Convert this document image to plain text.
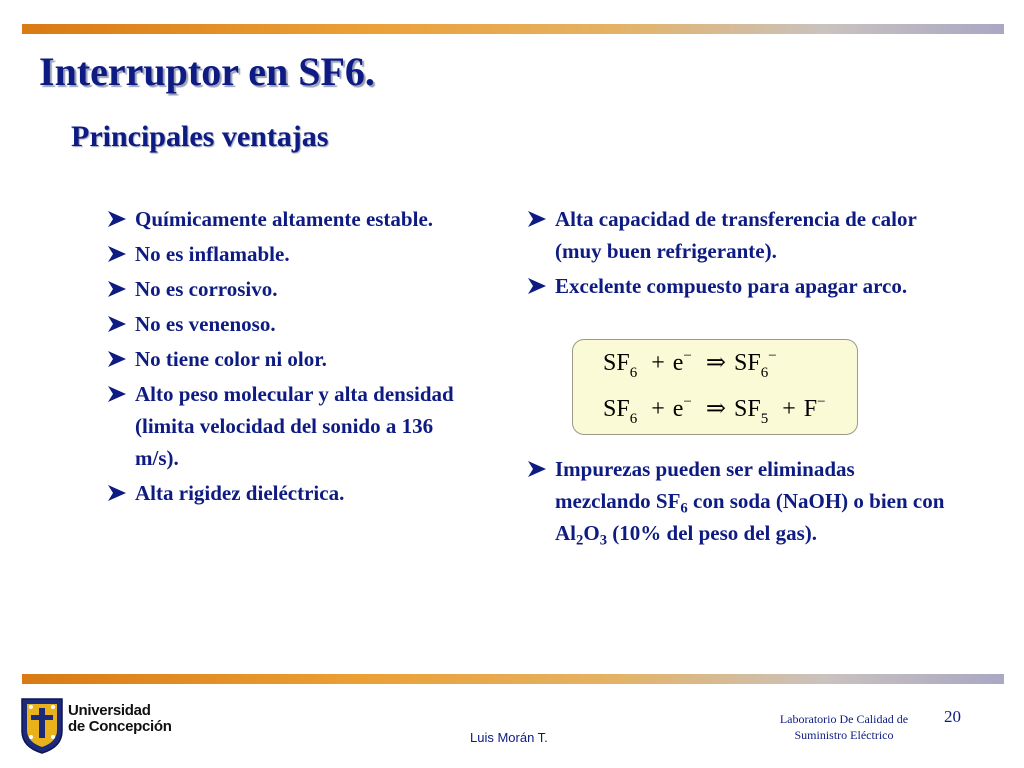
Interruptor en SF6.
Principales ventajas
Químicamente altamente estable.
No es inflamable.
No es corrosivo.
No es venenoso.
No tiene color ni olor.
Alto peso molecular y alta densidad (limita velocidad del sonido a 136 m/s).
Alta rigidez dieléctrica.
Alta capacidad de transferencia de calor (muy buen refrigerante).
Excelente compuesto para apagar arco.
$SF_6 + e^-$ ⇒ $SF_6^-$
$SF_6 + e^-$ ⇒ $SF_5 + F^-$
Impurezas pueden ser eliminadas mezclando $SF_6$ con soda (NaOH) o bien con $Al_2O_3$ (10% del peso del gas).
Universidad
de Concepción
Luis Morán T.
Laboratorio De Calidad de
Suministro Eléctrico
20
